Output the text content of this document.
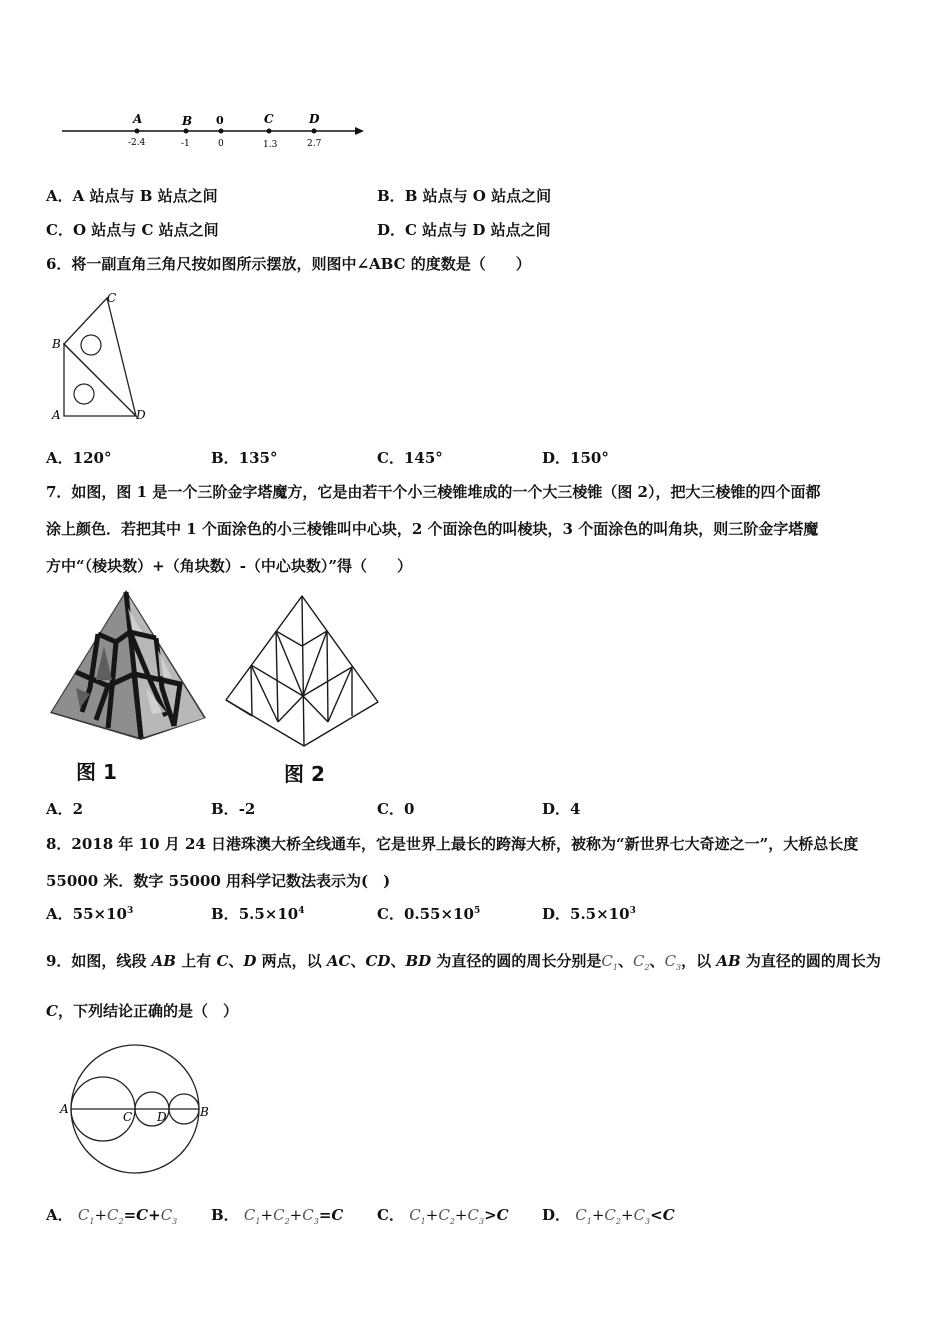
A	B 0	C	D
-2.4	-1	0	1.3	2.7
A．A 站点与 B 站点之间	B．B 站点与 O 站点之间
C．O 站点与 C 站点之间	D．C 站点与 D 站点之间
6．将一副直角三角尺按如图所示摆放，则图中∠ABC 的度数是（　　）
C
B
A	D
A．120°	B．135°	C．145°	D．150°
7．如图，图 1 是一个三阶金字塔魔方，它是由若干个小三棱锥堆成的一个大三棱锥（图 2），把大三棱锥的四个面都
涂上颜色．若把其中 1 个面涂色的小三棱锥叫中心块，2 个面涂色的叫棱块，3 个面涂色的叫角块，则三阶金字塔魔
方中“（棱块数）+（角块数）-（中心块数）”得（　　）
图 1	图 2
A．2	B．-2	C．0	D．4
8．2018 年 10 月 24 日港珠澳大桥全线通车，它是世界上最长的跨海大桥，被称为“新世界七大奇迹之一”，大桥总长度
55000 米．数字 55000 用科学记数法表示为(　)
A．$55\times 10^3$	B．$5.5\times 10^4$	C．$0.55\times 10^5$	D．$5.5\times 10^3$
9．如图，线段 AB 上有 C、D 两点，以 AC、CD、BD 为直径的圆的周长分别是$C_1$、$C_2$、$C_3$，以 AB 为直径的圆的周长为
C，下列结论正确的是（　）
A
C D	B
A． $C_1+C_2=C+C_3$ B． $C_1+C_2+C_3=C$ C． $C_1+C_2+C_3>C$ D． $C_1+C_2+C_3<C$
